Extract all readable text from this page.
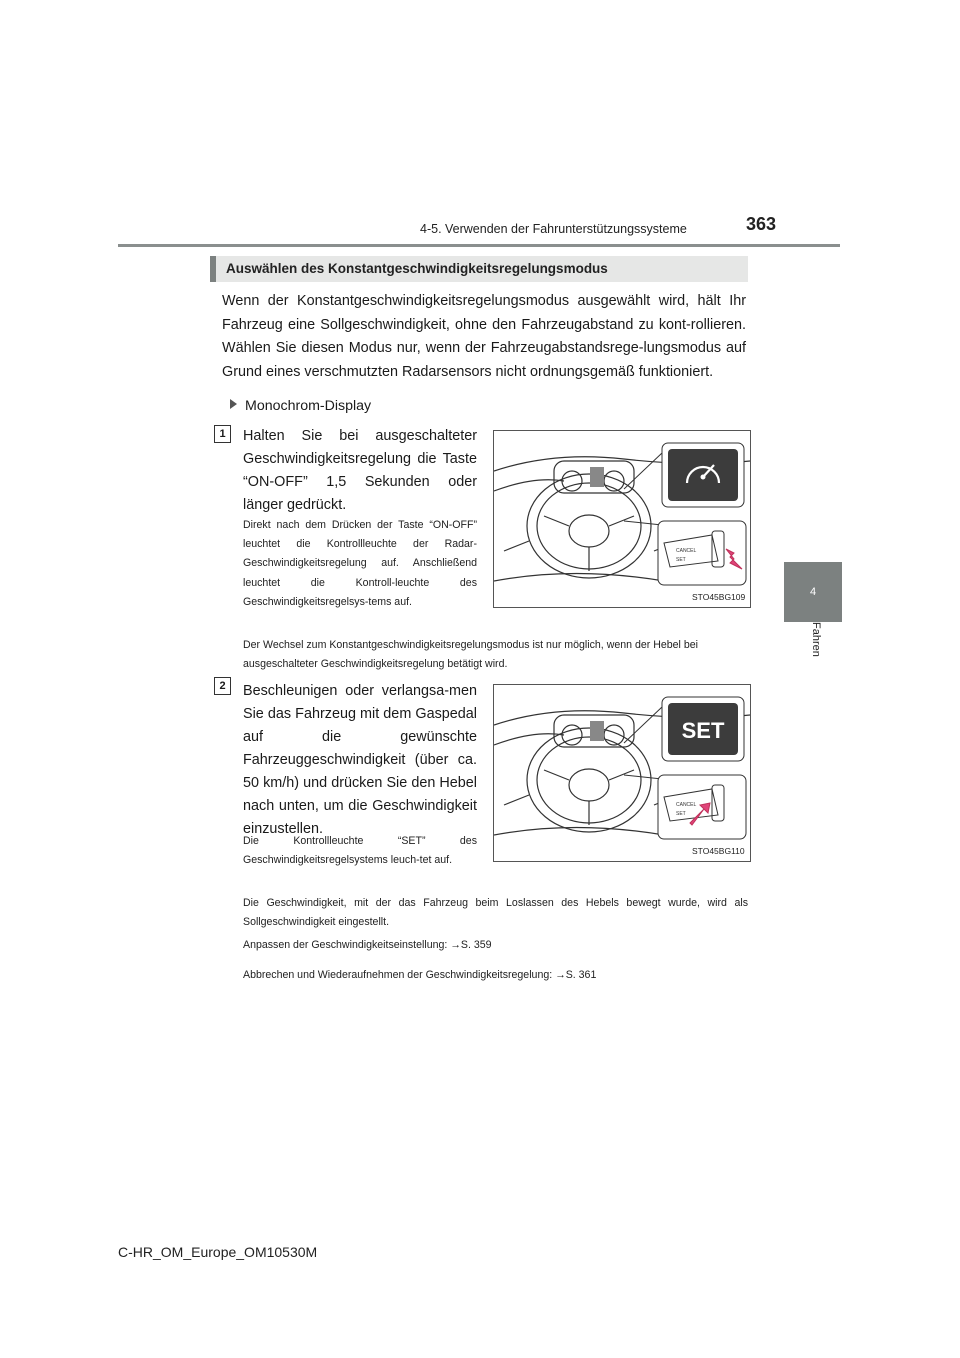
4-5. Verwenden der Fahrunterstützungssysteme	363
4
Fahren
Auswählen des Konstantgeschwindigkeitsregelungsmodus
Wenn der Konstantgeschwindigkeitsregelungsmodus ausgewählt wird, hält Ihr Fahrzeug eine Sollgeschwindigkeit, ohne den Fahrzeugabstand zu kont-rollieren. Wählen Sie diesen Modus nur, wenn der Fahrzeugabstandsrege-lungsmodus auf Grund eines verschmutzten Radarsensors nicht ordnungsgemäß funktioniert.
Monochrom-Display
1	Halten Sie bei ausgeschalteter Geschwindigkeitsregelung die Taste “ON-OFF” 1,5 Sekunden oder länger gedrückt.
Direkt nach dem Drücken der Taste “ON-OFF” leuchtet die Kontrollleuchte der Radar-Geschwindigkeitsregelung auf. Anschließend leuchtet die Kontroll-leuchte des Geschwindigkeitsregelsys-tems auf.
CANCEL
SET
STO45BG109
Der Wechsel zum Konstantgeschwindigkeitsregelungsmodus ist nur möglich, wenn der Hebel bei ausgeschalteter Geschwindigkeitsregelung betätigt wird.
2	Beschleunigen oder verlangsa-men Sie das Fahrzeug mit dem Gaspedal auf die gewünschte Fahrzeuggeschwindigkeit (über ca. 50 km/h) und drücken Sie den Hebel nach unten, um die Geschwindigkeit einzustellen.
Die Kontrollleuchte “SET” des Geschwindigkeitsregelsystems leuch-tet auf.
SET
CANCEL
SET
STO45BG110
Die Geschwindigkeit, mit der das Fahrzeug beim Loslassen des Hebels bewegt wurde, wird als Sollgeschwindigkeit eingestellt.
Anpassen der Geschwindigkeitseinstellung: →S. 359
Abbrechen und Wiederaufnehmen der Geschwindigkeitsregelung: →S. 361
C-HR_OM_Europe_OM10530M
